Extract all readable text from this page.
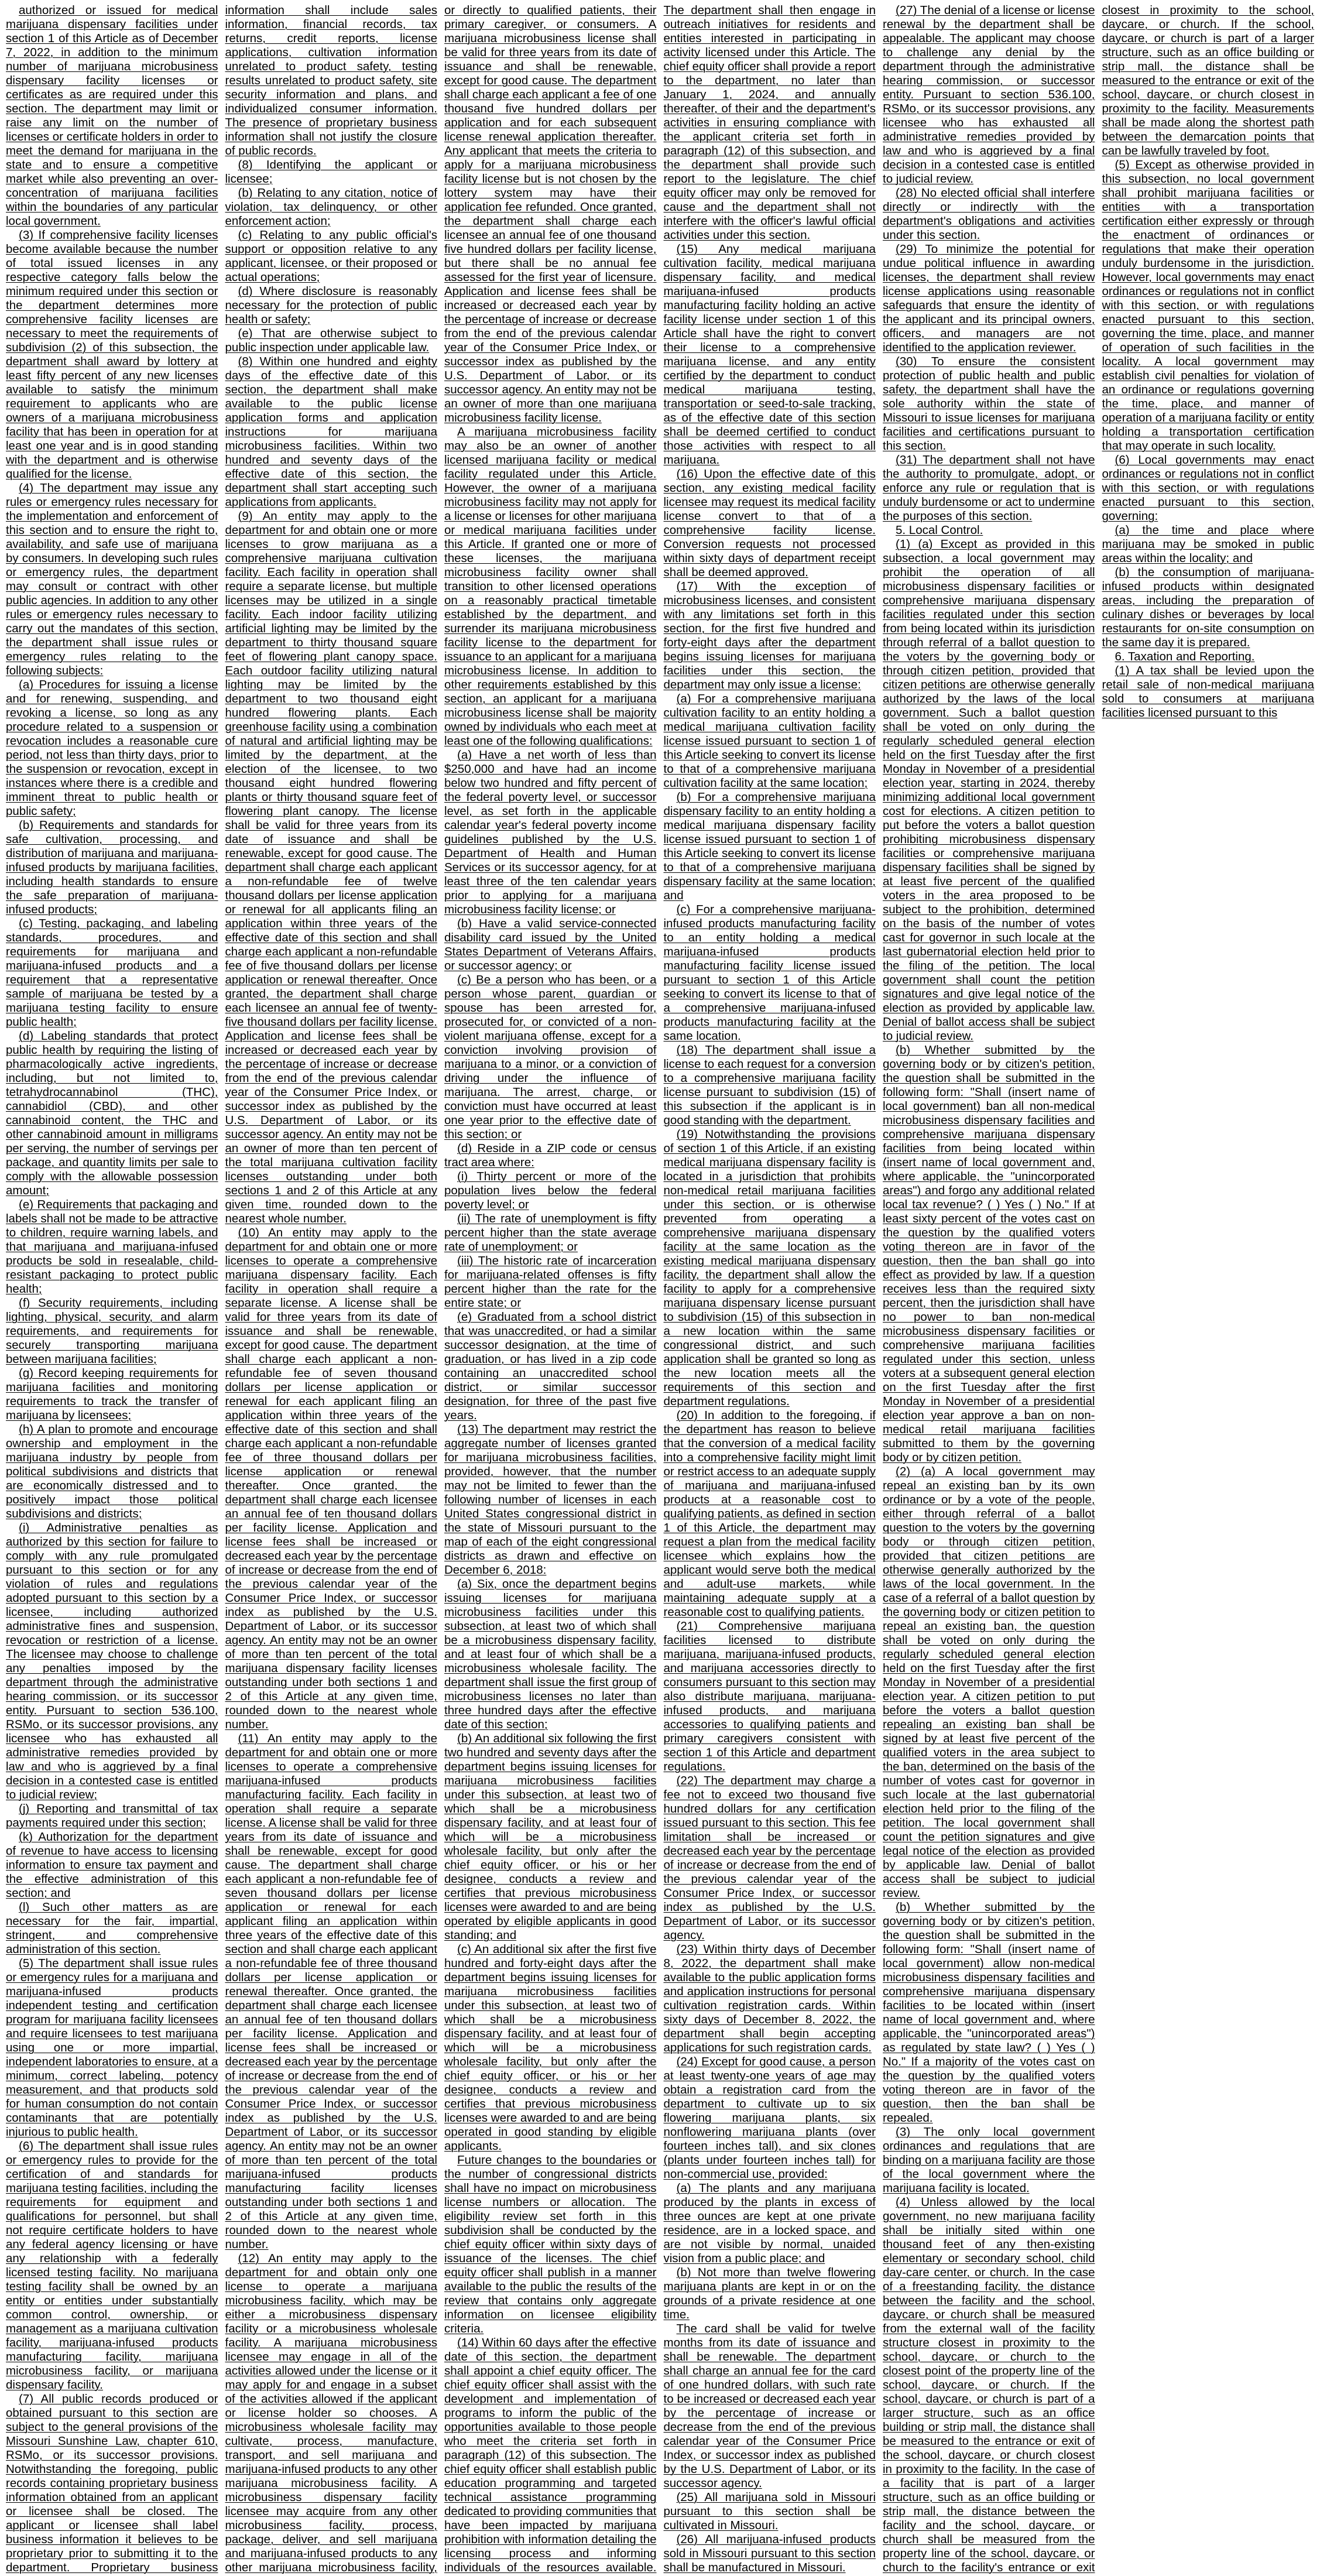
authorized or issued for medical marijuana dispensary facilities under section 1 of this Article as of December 7, 2022, in addition to the minimum number of marijuana microbusiness dispensary facility licenses or certificates as are required under this section. The department may limit or raise any limit on the number of licenses or certificate holders in order to meet the demand for marijuana in the state and to ensure a competitive market while also preventing an over-concentration of marijuana facilities within the boundaries of any particular local government.

(3) If comprehensive facility licenses become available because the number of total issued licenses in any respective category falls below the minimum required under this section or the department determines more comprehensive facility licenses are necessary to meet the requirements of subdivision (2) of this subsection, the department shall award by lottery at least fifty percent of any new licenses available to satisfy the minimum requirement to applicants who are owners of a marijuana microbusiness facility that has been in operation for at least one year and is in good standing with the department and is otherwise qualified for the license.

(4) The department may issue any rules or emergency rules necessary for the implementation and enforcement of this section and to ensure the right to, availability, and safe use of marijuana by consumers. In developing such rules or emergency rules, the department may consult or contract with other public agencies. In addition to any other rules or emergency rules necessary to carry out the mandates of this section, the department shall issue rules or emergency rules relating to the following subjects:

(a) Procedures for issuing a license and for renewing, suspending, and revoking a license, so long as any procedure related to a suspension or revocation includes a reasonable cure period, not less than thirty days, prior to the suspension or revocation, except in instances where there is a credible and imminent threat to public health or public safety;

(b) Requirements and standards for safe cultivation, processing, and distribution of marijuana and marijuana-infused products by marijuana facilities, including health standards to ensure the safe preparation of marijuana-infused products;

(c) Testing, packaging, and labeling standards, procedures, and requirements for marijuana and marijuana-infused products and a requirement that a representative sample of marijuana be tested by a marijuana testing facility to ensure public health;

(d) Labeling standards that protect public health by requiring the listing of pharmacologically active ingredients, including, but not limited to, tetrahydrocannabinol (THC), cannabidiol (CBD), and other cannabinoid content, the THC and other cannabinoid amount in milligrams per serving, the number of servings per package, and quantity limits per sale to comply with the allowable possession amount;

(e) Requirements that packaging and labels shall not be made to be attractive to children, require warning labels, and that marijuana and marijuana-infused products be sold in resealable, child-resistant packaging to protect public health;

(f) Security requirements, including lighting, physical, security, and alarm requirements, and requirements for securely transporting marijuana between marijuana facilities;

(g) Record keeping requirements for marijuana facilities and monitoring requirements to track the transfer of marijuana by licensees;

(h) A plan to promote and encourage ownership and employment in the marijuana industry by people from political subdivisions and districts that are economically distressed and to positively impact those political subdivisions and districts;

(i) Administrative penalties as authorized by this section for failure to comply with any rule promulgated pursuant to this section or for any violation of rules and regulations adopted pursuant to this section by a licensee, including authorized administrative fines and suspension, revocation or restriction of a license. The licensee may choose to challenge any penalties imposed by the department through the administrative hearing commission, or its successor entity. Pursuant to section 536.100, RSMo, or its successor provisions, any licensee who has exhausted all administrative remedies provided by law and who is aggrieved by a final decision in a contested case is entitled to judicial review;

(j) Reporting and transmittal of tax payments required under this section;

(k) Authorization for the department of revenue to have access to licensing information to ensure tax payment and the effective administration of this section; and

(l) Such other matters as are necessary for the fair, impartial, stringent, and comprehensive administration of this section.

(5) The department shall issue rules or emergency rules for a marijuana and marijuana-infused products independent testing and certification program for marijuana facility licensees and require licensees to test marijuana using one or more impartial, independent laboratories to ensure, at a minimum, correct labeling, potency measurement, and that products sold for human consumption do not contain contaminants that are potentially injurious to public health.

(6) The department shall issue rules or emergency rules to provide for the certification of and standards for marijuana testing facilities, including the requirements for equipment and qualifications for personnel, but shall not require certificate holders to have any federal agency licensing or have any relationship with a federally licensed testing facility. No marijuana testing facility shall be owned by an entity or entities under substantially common control, ownership, or management as a marijuana cultivation facility, marijuana-infused products manufacturing facility, marijuana microbusiness facility, or marijuana dispensary facility.

(7) All public records produced or obtained pursuant to this section are subject to the general provisions of the Missouri Sunshine Law, chapter 610, RSMo, or its successor provisions. Notwithstanding the foregoing, public records containing proprietary business information obtained from an applicant or licensee shall be closed. The applicant or licensee shall label business information it believes to be proprietary prior to submitting it to the department. Proprietary business information shall include sales information, financial records, tax returns, credit reports, license applications, cultivation information unrelated to product safety, testing results unrelated to product safety, site security information and plans, and individualized consumer information. The presence of proprietary business information shall not justify the closure of public records.

(8) Identifying the applicant or licensee;

(b) Relating to any citation, notice of violation, tax delinquency, or other enforcement action;

(c) Relating to any public official's support or opposition relative to any applicant, licensee, or their proposed or actual operations;

(d) Where disclosure is reasonably necessary for the protection of public health or safety;

(e) That are otherwise subject to public inspection under applicable law.

(8) Within one hundred and eighty days of the effective date of this section, the department shall make available to the public license application forms and application instructions for marijuana microbusiness facilities. Within two hundred and seventy days of the effective date of this section, the department shall start accepting such applications from applicants.

(9) An entity may apply to the department for and obtain one or more licenses to grow marijuana as a comprehensive marijuana cultivation facility. Each facility in operation shall require a separate license, but multiple licenses may be utilized in a single facility. Each indoor facility utilizing artificial lighting may be limited by the department to thirty thousand square feet of flowering plant canopy space. Each outdoor facility utilizing natural lighting may be limited by the department to two thousand eight hundred flowering plants. Each greenhouse facility using a combination of natural and artificial lighting may be limited by the department, at the election of the licensee, to two thousand eight hundred flowering plants or thirty thousand square feet of flowering plant canopy. The license shall be valid for three years from its date of issuance and shall be renewable, except for good cause. The department shall charge each applicant a non-refundable fee of twelve thousand dollars per license application or renewal for all applicants filing an application within three years of the effective date of this section and shall charge each applicant a non-refundable fee of five thousand dollars per license application or renewal thereafter. Once granted, the department shall charge each licensee an annual fee of twenty-five thousand dollars per facility license. Application and license fees shall be increased or decreased each year by the percentage of increase or decrease from the end of the previous calendar year of the Consumer Price Index, or successor index as published by the U.S. Department of Labor, or its successor agency. An entity may not be an owner of more than ten percent of the total marijuana cultivation facility licenses outstanding under both sections 1 and 2 of this Article at any given time, rounded down to the nearest whole number.

(10) An entity may apply to the department for and obtain one or more licenses to operate a comprehensive marijuana dispensary facility. Each facility in operation shall require a separate license. A license shall be valid for three years from its date of issuance and shall be renewable, except for good cause. The department shall charge each applicant a non-refundable fee of seven thousand dollars per license application or renewal for each applicant filing an application within three years of the effective date of this section and shall charge each applicant a non-refundable fee of three thousand dollars per license application or renewal thereafter. Once granted, the department shall charge each licensee an annual fee of ten thousand dollars per facility license. Application and license fees shall be increased or decreased each year by the percentage of increase or decrease from the end of the previous calendar year of the Consumer Price Index, or successor index as published by the U.S. Department of Labor, or its successor agency. An entity may not be an owner of more than ten percent of the total marijuana dispensary facility licenses outstanding under both sections 1 and 2 of this Article at any given time, rounded down to the nearest whole number.

(11) An entity may apply to the department for and obtain one or more licenses to operate a comprehensive marijuana-infused products manufacturing facility. Each facility in operation shall require a separate license. A license shall be valid for three years from its date of issuance and shall be renewable, except for good cause. The department shall charge each applicant a non-refundable fee of seven thousand dollars per license application or renewal for each applicant filing an application within three years of the effective date of this section and shall charge each applicant a non-refundable fee of three thousand dollars per license application or renewal thereafter. Once granted, the department shall charge each licensee an annual fee of ten thousand dollars per facility license. Application and license fees shall be increased or decreased each year by the percentage of increase or decrease from the end of the previous calendar year of the Consumer Price Index, or successor index as published by the U.S. Department of Labor, or its successor agency. An entity may not be an owner of more than ten percent of the total marijuana-infused products manufacturing facility licenses outstanding under both sections 1 and 2 of this Article at any given time, rounded down to the nearest whole number.

(12) An entity may apply to the department for and obtain only one license to operate a marijuana microbusiness facility, which may be either a microbusiness dispensary facility or a microbusiness wholesale facility. A marijuana microbusiness licensee may engage in all of the activities allowed under the license or it may apply for and engage in a subset of the activities allowed if the applicant or license holder so chooses. A microbusiness wholesale facility may cultivate, process, manufacture, transport, and sell marijuana and marijuana-infused products to any other marijuana microbusiness facility. A microbusiness dispensary facility licensee may acquire from any other microbusiness facility, process, package, deliver, and sell marijuana and marijuana-infused products to any other marijuana microbusiness facility, or directly to qualified patients, their primary caregiver, or consumers. A marijuana microbusiness license shall be valid for three years from its date of issuance and shall be renewable, except for good cause. The department shall charge each applicant a fee of one thousand five hundred dollars per application and for each subsequent license renewal application thereafter. Any applicant that meets the criteria to apply for a marijuana microbusiness facility license but is not chosen by the lottery system may have their application fee refunded. Once granted, the department shall charge each licensee an annual fee of one thousand five hundred dollars per facility license, but there shall be no annual fee assessed for the first year of licensure. Application and license fees shall be increased or decreased each year by the percentage of increase or decrease from the end of the previous calendar year of the Consumer Price Index, or successor index as published by the U.S. Department of Labor, or its successor agency. An entity may not be an owner of more than one marijuana microbusiness facility license.

A marijuana microbusiness facility may also be an owner of another licensed marijuana facility or medical facility regulated under this Article. However, the owner of a marijuana microbusiness facility may not apply for a license or licenses for other marijuana or medical marijuana facilities under this Article. If granted one or more of these licenses, the marijuana microbusiness facility owner shall transition to other licensed operations on a reasonably practical timetable established by the department, and surrender its marijuana microbusiness facility license to the department for issuance to an applicant for a marijuana microbusiness license. In addition to other requirements established by this section, an applicant for a marijuana microbusiness license shall be majority owned by individuals who each meet at least one of the following qualifications:

(a) Have a net worth of less than $250,000 and have had an income below two hundred and fifty percent of the federal poverty level, or successor level, as set forth in the applicable calendar year's federal poverty income guidelines published by the U.S. Department of Health and Human Services or its successor agency, for at least three of the ten calendar years prior to applying for a marijuana microbusiness facility license; or

(b) Have a valid service-connected disability card issued by the United States Department of Veterans Affairs, or successor agency; or

(c) Be a person who has been, or a person whose parent, guardian or spouse has been arrested for, prosecuted for, or convicted of a non-violent marijuana offense, except for a conviction involving provision of marijuana to a minor, or a conviction of driving under the influence of marijuana. The arrest, charge, or conviction must have occurred at least one year prior to the effective date of this section; or

(d) Reside in a ZIP code or census tract area where:

(i) Thirty percent or more of the population lives below the federal poverty level; or

(ii) The rate of unemployment is fifty percent higher than the state average rate of unemployment; or

(iii) The historic rate of incarceration for marijuana-related offenses is fifty percent higher than the rate for the entire state; or

(e) Graduated from a school district that was unaccredited, or had a similar successor designation, at the time of graduation, or has lived in a zip code containing an unaccredited school district, or similar successor designation, for three of the past five years.

(13) The department may restrict the aggregate number of licenses granted for marijuana microbusiness facilities, provided, however, that the number may not be limited to fewer than the following number of licenses in each United States congressional district in the state of Missouri pursuant to the map of each of the eight congressional districts as drawn and effective on December 6, 2018:

(a) Six, once the department begins issuing licenses for marijuana microbusiness facilities under this subsection, at least two of which shall be a microbusiness dispensary facility, and at least four of which shall be a microbusiness wholesale facility. The department shall issue the first group of microbusiness licenses no later than three hundred days after the effective date of this section;

(b) An additional six following the first two hundred and seventy days after the department begins issuing licenses for marijuana microbusiness facilities under this subsection, at least two of which shall be a microbusiness dispensary facility, and at least four of which will be a microbusiness wholesale facility, but only after the chief equity officer, or his or her designee, conducts a review and certifies that previous microbusiness licenses were awarded to and are being operated by eligible applicants in good standing; and

(c) An additional six after the first five hundred and forty-eight days after the department begins issuing licenses for marijuana microbusiness facilities under this subsection, at least two of which shall be a microbusiness dispensary facility, and at least four of which will be a microbusiness wholesale facility, but only after the chief equity officer, or his or her designee, conducts a review and certifies that previous microbusiness licenses were awarded to and are being operated in good standing by eligible applicants.

Future changes to the boundaries or the number of congressional districts shall have no impact on microbusiness license numbers or allocation. The eligibility review set forth in this subdivision shall be conducted by the chief equity officer within sixty days of issuance of the licenses. The chief equity officer shall publish in a manner available to the public the results of the review that contains only aggregate information on licensee eligibility criteria.

(14) Within 60 days after the effective date of this section, the department shall appoint a chief equity officer. The chief equity officer shall assist with the development and implementation of programs to inform the public of the opportunities available to those people who meet the criteria set forth in paragraph (12) of this subsection. The chief equity officer shall establish public education programming and targeted technical assistance programming dedicated to providing communities that have been impacted by marijuana prohibition with information detailing the licensing process and informing individuals of the resources available. The department shall then engage in outreach initiatives for residents and entities interested in participating in activity licensed under this Article. The chief equity officer shall provide a report to the department, no later than January 1, 2024, and annually thereafter, of their and the department's activities in ensuring compliance with the applicant criteria set forth in paragraph (12) of this subsection, and the department shall provide such report to the legislature. The chief equity officer may only be removed for cause and the department shall not interfere with the officer's lawful official activities under this section.

(15) Any medical marijuana cultivation facility, medical marijuana dispensary facility, and medical marijuana-infused products manufacturing facility holding an active facility license under section 1 of this Article shall have the right to convert their license to a comprehensive marijuana license, and any entity certified by the department to conduct medical marijuana testing, transportation or seed-to-sale tracking, as of the effective date of this section shall be deemed certified to conduct those activities with respect to all marijuana.

(16) Upon the effective date of this section, any existing medical facility licensee may request its medical facility license convert to that of a comprehensive facility license. Conversion requests not processed within sixty days of department receipt shall be deemed approved.

(17) With the exception of microbusiness licenses, and consistent with any limitations set forth in this section, for the first five hundred and forty-eight days after the department begins issuing licenses for marijuana facilities under this section, the department may only issue a license:

(a) For a comprehensive marijuana cultivation facility to an entity holding a medical marijuana cultivation facility license issued pursuant to section 1 of this Article seeking to convert its license to that of a comprehensive marijuana cultivation facility at the same location;

(b) For a comprehensive marijuana dispensary facility to an entity holding a medical marijuana dispensary facility license issued pursuant to section 1 of this Article seeking to convert its license to that of a comprehensive marijuana dispensary facility at the same location; and

(c) For a comprehensive marijuana-infused products manufacturing facility to an entity holding a medical marijuana-infused products manufacturing facility license issued pursuant to section 1 of this Article seeking to convert its license to that of a comprehensive marijuana-infused products manufacturing facility at the same location.

(18) The department shall issue a license to each request for a conversion to a comprehensive marijuana facility license pursuant to subdivision (15) of this subsection if the applicant is in good standing with the department.

(19) Notwithstanding the provisions of section 1 of this Article, if an existing medical marijuana dispensary facility is located in a jurisdiction that prohibits non-medical retail marijuana facilities under this section, or is otherwise prevented from operating a comprehensive marijuana dispensary facility at the same location as the existing medical marijuana dispensary facility, the department shall allow the facility to apply for a comprehensive marijuana dispensary license pursuant to subdivision (15) of this subsection in a new location within the same congressional district, and such application shall be granted so long as the new location meets all the requirements of this section and department regulations.

(20) In addition to the foregoing, if the department has reason to believe that the conversion of a medical facility into a comprehensive facility might limit or restrict access to an adequate supply of marijuana and marijuana-infused products at a reasonable cost to qualifying patients, as defined in section 1 of this Article, the department may request a plan from the medical facility licensee which explains how the applicant would serve both the medical and adult-use markets, while maintaining adequate supply at a reasonable cost to qualifying patients.

(21) Comprehensive marijuana facilities licensed to distribute marijuana, marijuana-infused products, and marijuana accessories directly to consumers pursuant to this section may also distribute marijuana, marijuana-infused products, and marijuana accessories to qualifying patients and primary caregivers consistent with section 1 of this Article and department regulations.

(22) The department may charge a fee not to exceed two thousand five hundred dollars for any certification issued pursuant to this section. This fee limitation shall be increased or decreased each year by the percentage of increase or decrease from the end of the previous calendar year of the Consumer Price Index, or successor index as published by the U.S. Department of Labor, or its successor agency.

(23) Within thirty days of December 8, 2022, the department shall make available to the public application forms and application instructions for personal cultivation registration cards. Within sixty days of December 8, 2022, the department shall begin accepting applications for such registration cards.

(24) Except for good cause, a person at least twenty-one years of age may obtain a registration card from the department to cultivate up to six flowering marijuana plants, six nonflowering marijuana plants (over fourteen inches tall), and six clones (plants under fourteen inches tall) for non-commercial use, provided:

(a) The plants and any marijuana produced by the plants in excess of three ounces are kept at one private residence, are in a locked space, and are not visible by normal, unaided vision from a public place; and

(b) Not more than twelve flowering marijuana plants are kept in or on the grounds of a private residence at one time.

The card shall be valid for twelve months from its date of issuance and shall be renewable. The department shall charge an annual fee for the card of one hundred dollars, with such rate to be increased or decreased each year by the percentage of increase or decrease from the end of the previous calendar year of the Consumer Price Index, or successor index as published by the U.S. Department of Labor, or its successor agency.

(25) All marijuana sold in Missouri pursuant to this section shall be cultivated in Missouri.

(26) All marijuana-infused products sold in Missouri pursuant to this section shall be manufactured in Missouri.

(27) The denial of a license or license renewal by the department shall be appealable. The applicant may choose to challenge any denial by the department through the administrative hearing commission, or successor entity. Pursuant to section 536.100, RSMo, or its successor provisions, any licensee who has exhausted all administrative remedies provided by law and who is aggrieved by a final decision in a contested case is entitled to judicial review.

(28) No elected official shall interfere directly or indirectly with the department's obligations and activities under this section.

(29) To minimize the potential for undue political influence in awarding licenses, the department shall review license applications using reasonable safeguards that ensure the identity of the applicant and its principal owners, officers, and managers are not identified to the application reviewer.

(30) To ensure the consistent protection of public health and public safety, the department shall have the sole authority within the state of Missouri to issue licenses for marijuana facilities and certifications pursuant to this section.

(31) The department shall not have the authority to promulgate, adopt, or enforce any rule or regulation that is unduly burdensome or act to undermine the purposes of this section.

5. Local Control.

(1) (a) Except as provided in this subsection, a local government may prohibit the operation of all microbusiness dispensary facilities or comprehensive marijuana dispensary facilities regulated under this section from being located within its jurisdiction through referral of a ballot question to the voters by the governing body or through citizen petition, provided that citizen petitions are otherwise generally authorized by the laws of the local government. Such a ballot question shall be voted on only during the regularly scheduled general election held on the first Tuesday after the first Monday in November of a presidential election year, starting in 2024, thereby minimizing additional local government cost for elections. A citizen petition to put before the voters a ballot question prohibiting microbusiness dispensary facilities or comprehensive marijuana dispensary facilities shall be signed by at least five percent of the qualified voters in the area proposed to be subject to the prohibition, determined on the basis of the number of votes cast for governor in such locale at the last gubernatorial election held prior to the filing of the petition. The local government shall count the petition signatures and give legal notice of the election as provided by applicable law. Denial of ballot access shall be subject to judicial review.

(b) Whether submitted by the governing body or by citizen's petition, the question shall be submitted in the following form: "Shall (insert name of local government) ban all non-medical microbusiness dispensary facilities and comprehensive marijuana dispensary facilities from being located within (insert name of local government and, where applicable, the "unincorporated areas") and forgo any additional related local tax revenue? ( ) Yes ( ) No." If at least sixty percent of the votes cast on the question by the qualified voters voting thereon are in favor of the question, then the ban shall go into effect as provided by law. If a question receives less than the required sixty percent, then the jurisdiction shall have no power to ban non-medical microbusiness dispensary facilities or comprehensive marijuana facilities regulated under this section, unless voters at a subsequent general election on the first Tuesday after the first Monday in November of a presidential election year approve a ban on non-medical retail marijuana facilities submitted to them by the governing body or by citizen petition.

(2) (a) A local government may repeal an existing ban by its own ordinance or by a vote of the people, either through referral of a ballot question to the voters by the governing body or through citizen petition, provided that citizen petitions are otherwise generally authorized by the laws of the local government. In the case of a referral of a ballot question by the governing body or citizen petition to repeal an existing ban, the question shall be voted on only during the regularly scheduled general election held on the first Tuesday after the first Monday in November of a presidential election year. A citizen petition to put before the voters a ballot question repealing an existing ban shall be signed by at least five percent of the qualified voters in the area subject to the ban, determined on the basis of the number of votes cast for governor in such locale at the last gubernatorial election held prior to the filing of the petition. The local government shall count the petition signatures and give legal notice of the election as provided by applicable law. Denial of ballot access shall be subject to judicial review.

(b) Whether submitted by the governing body or by citizen's petition, the question shall be submitted in the following form: "Shall (insert name of local government) allow non-medical microbusiness dispensary facilities and comprehensive marijuana dispensary facilities to be located within (insert name of local government and, where applicable, the "unincorporated areas") as regulated by state law? ( ) Yes ( ) No." If a majority of the votes cast on the question by the qualified voters voting thereon are in favor of the question, then the ban shall be repealed.

(3) The only local government ordinances and regulations that are binding on a marijuana facility are those of the local government where the marijuana facility is located.

(4) Unless allowed by the local government, no new marijuana facility shall be initially sited within one thousand feet of any then-existing elementary or secondary school, child day-care center, or church. In the case of a freestanding facility, the distance between the facility and the school, daycare, or church shall be measured from the external wall of the facility structure closest in proximity to the school, daycare, or church to the closest point of the property line of the school, daycare, or church. If the school, daycare, or church is part of a larger structure, such as an office building or strip mall, the distance shall be measured to the entrance or exit of the school, daycare, or church closest in proximity to the facility. In the case of a facility that is part of a larger structure, such as an office building or strip mall, the distance between the facility and the school, daycare, or church shall be measured from the property line of the school, daycare, or church to the facility's entrance or exit closest in proximity to the school, daycare, or church. If the school, daycare, or church is part of a larger structure, such as an office building or strip mall, the distance shall be measured to the entrance or exit of the school, daycare, or church closest in proximity to the facility. Measurements shall be made along the shortest path between the demarcation points that can be lawfully traveled by foot.

(5) Except as otherwise provided in this subsection, no local government shall prohibit marijuana facilities or entities with a transportation certification either expressly or through the enactment of ordinances or regulations that make their operation unduly burdensome in the jurisdiction. However, local governments may enact ordinances or regulations not in conflict with this section, or with regulations enacted pursuant to this section, governing the time, place, and manner of operation of such facilities in the locality. A local government may establish civil penalties for violation of an ordinance or regulations governing the time, place, and manner of operation of a marijuana facility or entity holding a transportation certification that may operate in such locality.

(6) Local governments may enact ordinances or regulations not in conflict with this section, or with regulations enacted pursuant to this section, governing:

(a) the time and place where marijuana may be smoked in public areas within the locality; and

(b) the consumption of marijuana-infused products within designated areas, including the preparation of culinary dishes or beverages by local restaurants for on-site consumption on the same day it is prepared.

6. Taxation and Reporting.

(1) A tax shall be levied upon the retail sale of non-medical marijuana sold to consumers at marijuana facilities licensed pursuant to this
